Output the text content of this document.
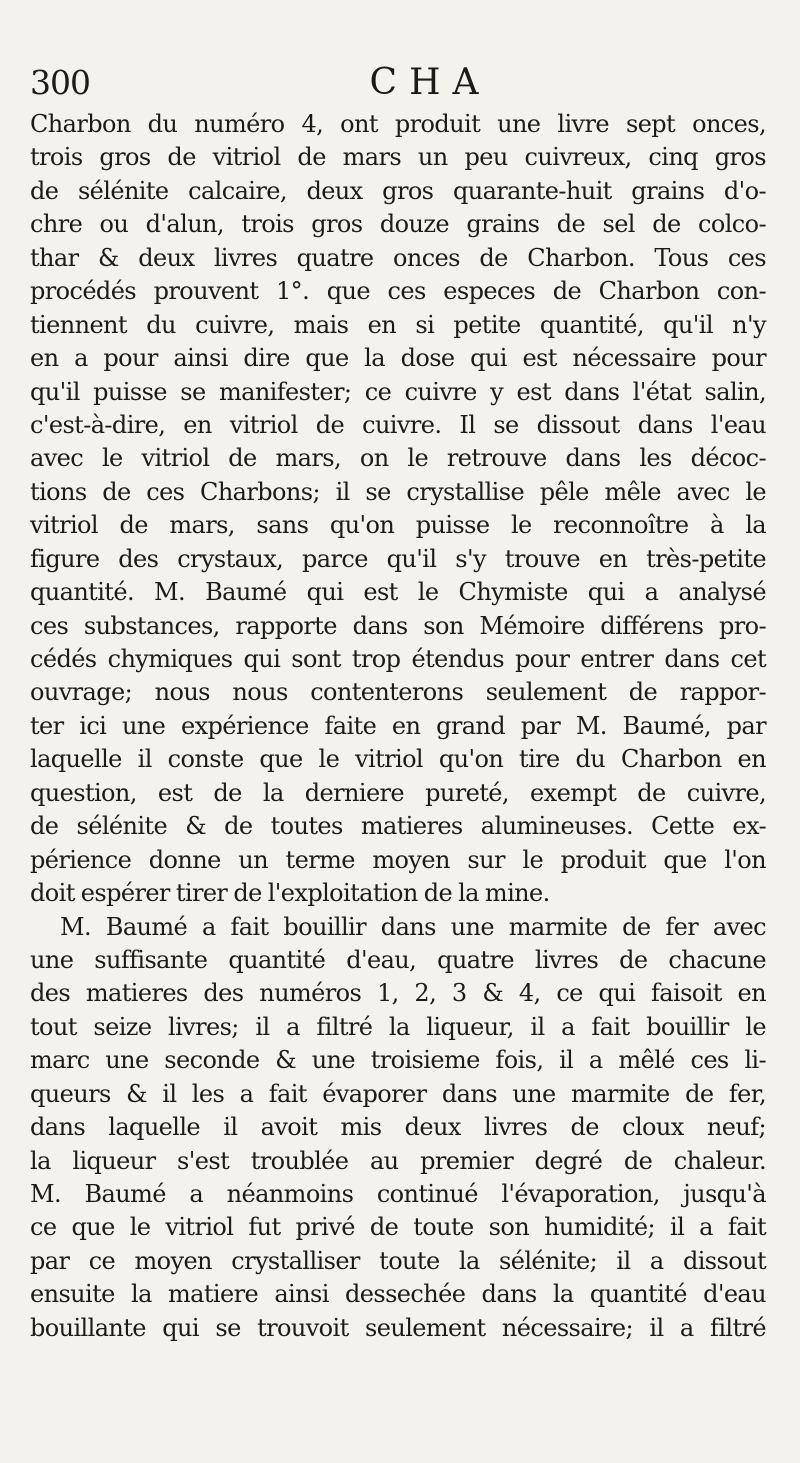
300	CHA
Charbon du numéro 4, ont produit une livre sept onces,
trois gros de vitriol de mars un peu cuivreux, cinq gros
de sélénite calcaire, deux gros quarante-huit grains d'o-
chre ou d'alun, trois gros douze grains de sel de colco-
thar & deux livres quatre onces de Charbon. Tous ces
procédés prouvent 1°. que ces especes de Charbon con-
tiennent du cuivre, mais en si petite quantité, qu'il n'y
en a pour ainsi dire que la dose qui est nécessaire pour
qu'il puisse se manifester; ce cuivre y est dans l'état salin,
c'est-à-dire, en vitriol de cuivre. Il se dissout dans l'eau
avec le vitriol de mars, on le retrouve dans les décoc-
tions de ces Charbons; il se crystallise pêle mêle avec le
vitriol de mars, sans qu'on puisse le reconnoître à la
figure des crystaux, parce qu'il s'y trouve en très-petite
quantité. M. Baumé qui est le Chymiste qui a analysé
ces substances, rapporte dans son Mémoire différens pro-
cédés chymiques qui sont trop étendus pour entrer dans cet
ouvrage; nous nous contenterons seulement de rappor-
ter ici une expérience faite en grand par M. Baumé, par
laquelle il conste que le vitriol qu'on tire du Charbon en
question, est de la derniere pureté, exempt de cuivre,
de sélénite & de toutes matieres alumineuses. Cette ex-
périence donne un terme moyen sur le produit que l'on
doit espérer tirer de l'exploitation de la mine.
M. Baumé a fait bouillir dans une marmite de fer avec
une suffisante quantité d'eau, quatre livres de chacune
des matieres des numéros 1, 2, 3 & 4, ce qui faisoit en
tout seize livres; il a filtré la liqueur, il a fait bouillir le
marc une seconde & une troisieme fois, il a mêlé ces li-
queurs & il les a fait évaporer dans une marmite de fer,
dans laquelle il avoit mis deux livres de cloux neuf;
la liqueur s'est troublée au premier degré de chaleur.
M. Baumé a néanmoins continué l'évaporation, jusqu'à
ce que le vitriol fut privé de toute son humidité; il a fait
par ce moyen crystalliser toute la sélénite; il a dissout
ensuite la matiere ainsi dessechée dans la quantité d'eau
bouillante qui se trouvoit seulement nécessaire; il a filtré
